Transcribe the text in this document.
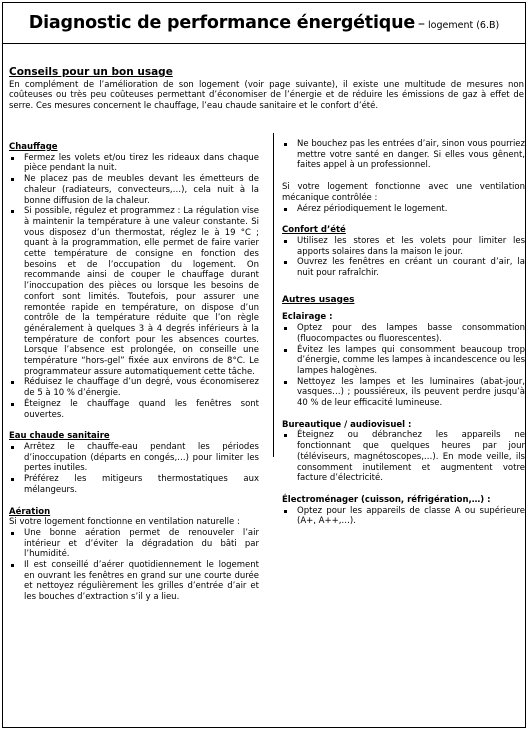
Diagnostic de performance énergétique – logement (6.B)
Conseils pour un bon usage

En complément de l’amélioration de son logement (voir page suivante), il existe une multitude de mesures non coûteuses ou très peu coûteuses permettant d’économiser de l’énergie et de réduire les émissions de gaz à effet de serre. Ces mesures concernent le chauffage, l’eau chaude sanitaire et le confort d’été.

Chauffage
Fermez les volets et/ou tirez les rideaux dans chaque pièce pendant la nuit.
Ne placez pas de meubles devant les émetteurs de chaleur (radiateurs, convecteurs,…), cela nuit à la bonne diffusion de la chaleur.
Si possible, régulez et programmez : La régulation vise à maintenir la température à une valeur constante. Si vous disposez d’un thermostat, réglez le à 19 °C ; quant à la programmation, elle permet de faire varier cette température de consigne en fonction des besoins et de l’occupation du logement. On recommande ainsi de couper le chauffage durant l’inoccupation des pièces ou lorsque les besoins de confort sont limités. Toutefois, pour assurer une remontée rapide en température, on dispose d’un contrôle de la température réduite que l’on règle généralement à quelques 3 à 4 degrés inférieurs à la température de confort pour les absences courtes. Lorsque l’absence est prolongée, on conseille une température “hors-gel” fixée aux environs de 8°C. Le programmateur assure automatiquement cette tâche.
Réduisez le chauffage d’un degré, vous économiserez de 5 à 10 % d’énergie.
Éteignez le chauffage quand les fenêtres sont ouvertes.
Eau chaude sanitaire
Arrêtez le chauffe-eau pendant les périodes d’inoccupation (départs en congés,…) pour limiter les pertes inutiles.
Préférez les mitigeurs thermostatiques aux mélangeurs.
Aération
Si votre logement fonctionne en ventilation naturelle :
Une bonne aération permet de renouveler l’air intérieur et d’éviter la dégradation du bâti par l’humidité.
Il est conseillé d’aérer quotidiennement le logement en ouvrant les fenêtres en grand sur une courte durée et nettoyez régulièrement les grilles d’entrée d’air et les bouches d’extraction s’il y a lieu.
Ne bouchez pas les entrées d’air, sinon vous pourriez mettre votre santé en danger. Si elles vous gênent, faites appel à un professionnel.
Si votre logement fonctionne avec une ventilation mécanique contrôlée :
Aérez périodiquement le logement.
Confort d’été
Utilisez les stores et les volets pour limiter les apports solaires dans la maison le jour.
Ouvrez les fenêtres en créant un courant d’air, la nuit pour rafraîchir.
Autres usages
Eclairage :
Optez pour des lampes basse consommation (fluocompactes ou fluorescentes).
Évitez les lampes qui consomment beaucoup trop d’énergie, comme les lampes à incandescence ou les lampes halogènes.
Nettoyez les lampes et les luminaires (abat-jour, vasques…) ; poussiéreux, ils peuvent perdre jusqu’à 40 % de leur efficacité lumineuse.
Bureautique / audiovisuel :
Éteignez ou débranchez les appareils ne fonctionnant que quelques heures par jour (téléviseurs, magnétoscopes,…). En mode veille, ils consomment inutilement et augmentent votre facture d’électricité.
Électroménager (cuisson, réfrigération,…) :
Optez pour les appareils de classe A ou supérieure (A+, A++,…).
